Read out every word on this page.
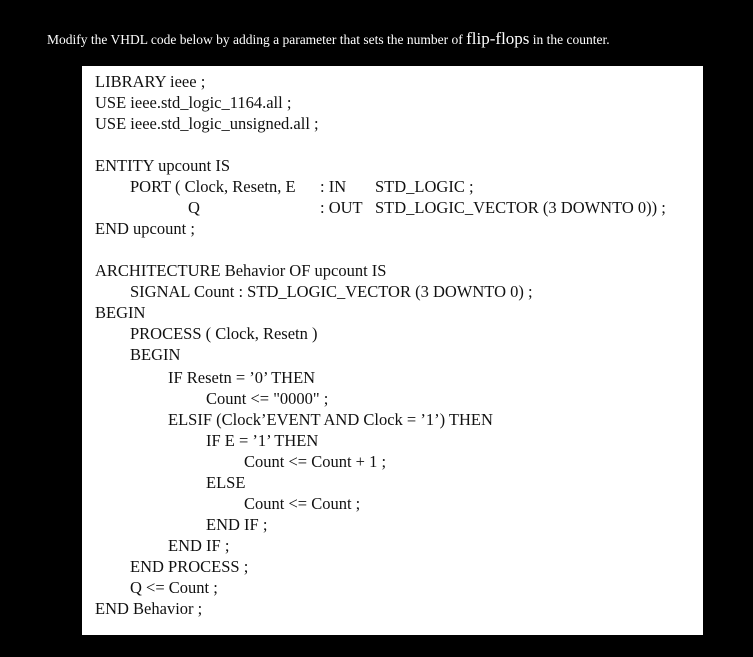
Modify the VHDL code below by adding a parameter that sets the number of flip-flops in the counter.
LIBRARY ieee ;
USE ieee.std_logic_1164.all ;
USE ieee.std_logic_unsigned.all ;
ENTITY upcount IS
PORT ( Clock, Resetn, E : IN STD_LOGIC ;
Q	: OUT STD_LOGIC_VECTOR (3 DOWNTO 0)) ;
END upcount ;
ARCHITECTURE Behavior OF upcount IS
SIGNAL Count : STD_LOGIC_VECTOR (3 DOWNTO 0) ;
BEGIN
PROCESS ( Clock, Resetn )
BEGIN
IF Resetn = ’0’ THEN
Count <= "0000" ;
ELSIF (Clock’EVENT AND Clock = ’1’) THEN
IF E = ’1’ THEN
Count <= Count + 1 ;
ELSE
Count <= Count ;
END IF ;
END IF ;
END PROCESS ;
Q <= Count ;
END Behavior ;
